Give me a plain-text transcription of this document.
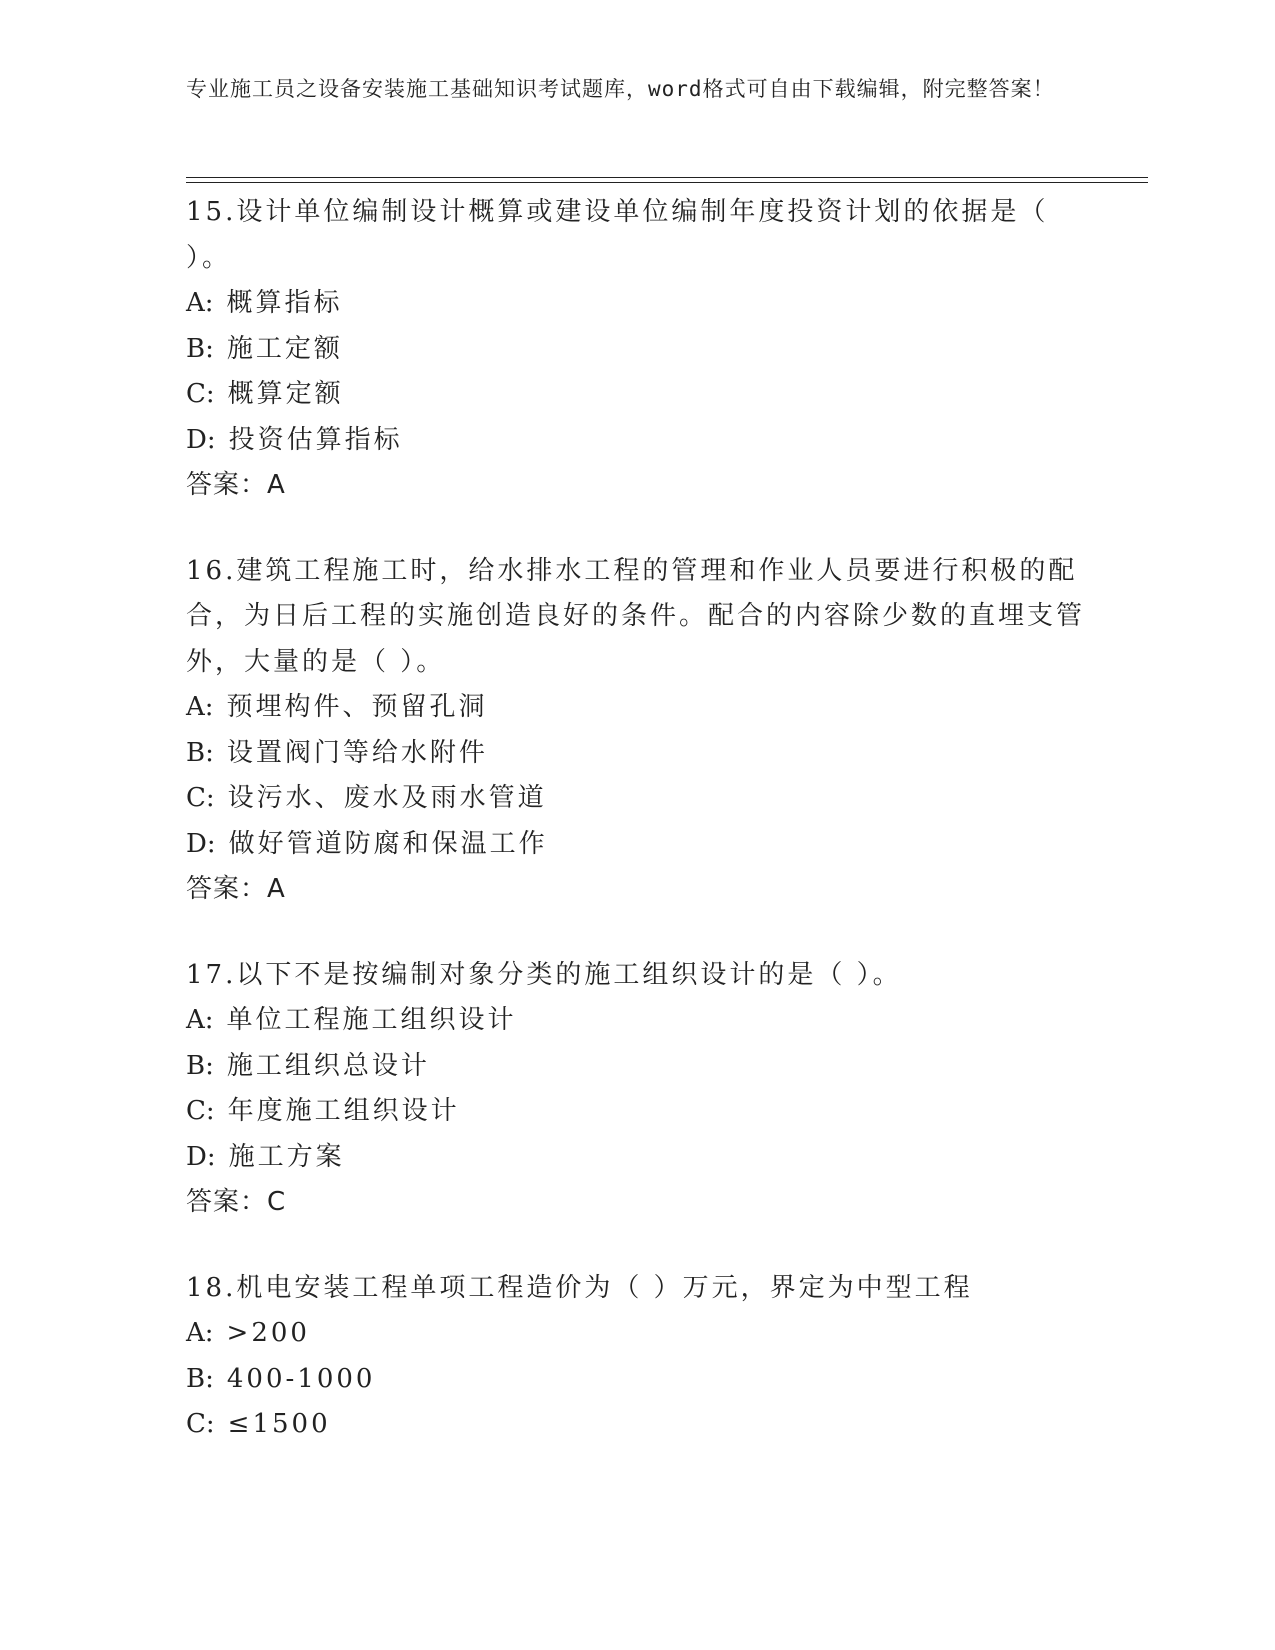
专业施工员之设备安装施工基础知识考试题库，word格式可自由下载编辑，附完整答案！
15.设计单位编制设计概算或建设单位编制年度投资计划的依据是（ ）。
A: 概算指标
B: 施工定额
C: 概算定额
D: 投资估算指标
答案：A
16.建筑工程施工时，给水排水工程的管理和作业人员要进行积极的配合，为日后工程的实施创造良好的条件。配合的内容除少数的直埋支管外，大量的是（ ）。
A: 预埋构件、预留孔洞
B: 设置阀门等给水附件
C: 设污水、废水及雨水管道
D: 做好管道防腐和保温工作
答案：A
17.以下不是按编制对象分类的施工组织设计的是（ ）。
A: 单位工程施工组织设计
B: 施工组织总设计
C: 年度施工组织设计
D: 施工方案
答案：C
18.机电安装工程单项工程造价为（ ）万元，界定为中型工程
A: >200
B: 400-1000
C: ≤1500
